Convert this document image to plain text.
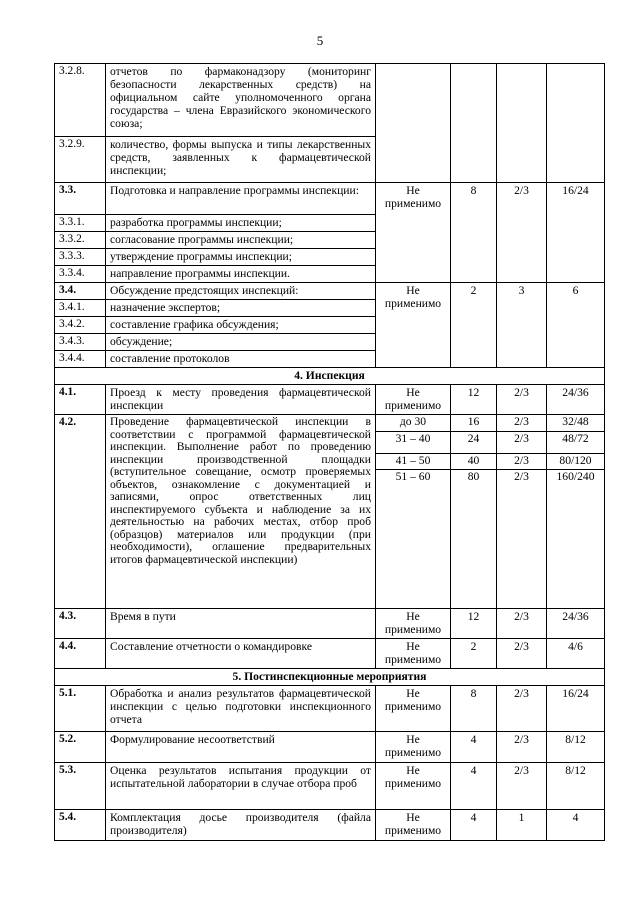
5
3.2.8.	отчетов по фармаконадзору (мониторинг безопасности лекарственных средств) на официальном сайте уполномоченного органа государства – члена Евразийского экономического союза;				
3.2.9.	количество, формы выпуска и типы лекарственных средств, заявленных к фармацевтической инспекции;				
3.3.	Подготовка и направление программы инспекции:	Не применимо	8	2/3	16/24
3.3.1.	разработка программы инспекции;				
3.3.2.	согласование программы инспекции;				
3.3.3.	утверждение программы инспекции;				
3.3.4.	направление программы инспекции.				
3.4.	Обсуждение предстоящих инспекций:	Не применимо	2	3	6
3.4.1.	назначение экспертов;				
3.4.2.	составление графика обсуждения;				
3.4.3.	обсуждение;				
3.4.4.	составление протоколов				
4. Инспекция					
4.1.	Проезд к месту проведения фармацевтической инспекции	Не применимо	12	2/3	24/36
4.2.	Проведение фармацевтической инспекции в соответствии с программой фармацевтической инспекции. Выполнение работ по проведению инспекции производственной площадки (вступительное совещание, осмотр проверяемых объектов, ознакомление с документацией и записями, опрос ответственных лиц инспектируемого субъекта и наблюдение за их деятельностью на рабочих местах, отбор проб (образцов) материалов или продукции (при необходимости), оглашение предварительных итогов фармацевтической инспекции)	до 30	16	2/3	32/48
		31 – 40	24	2/3	48/72
		41 – 50	40	2/3	80/120
		51 – 60	80	2/3	160/240
4.3.	Время в пути	Не применимо	12	2/3	24/36
4.4.	Составление отчетности о командировке	Не применимо	2	2/3	4/6
5. Постинспекционные мероприятия					
5.1.	Обработка и анализ результатов фармацевтической инспекции с целью подготовки инспекционного отчета	Не применимо	8	2/3	16/24
5.2.	Формулирование несоответствий	Не применимо	4	2/3	8/12
5.3.	Оценка результатов испытания продукции от испытательной лаборатории в случае отбора проб	Не применимо	4	2/3	8/12
5.4.	Комплектация досье производителя (файла производителя)	Не применимо	4	1	4
